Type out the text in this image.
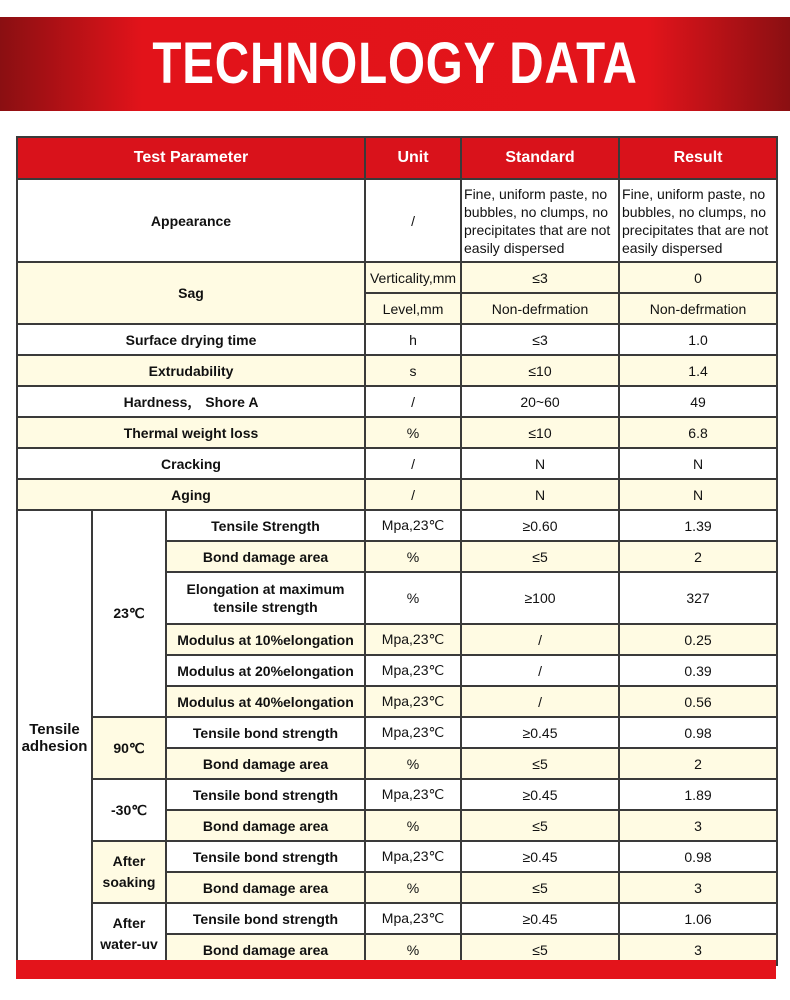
TECHNOLOGY DATA
Test Parameter			Unit	Standard	Result
Appearance			/	Fine, uniform paste, no bubbles, no clumps, no precipitates that are not easily dispersed	Fine, uniform paste, no bubbles, no clumps, no precipitates that are not easily dispersed
Sag			Verticality,mm	≤3	0
			Level,mm	Non-defrmation	Non-defrmation
Surface drying time			h	≤3	1.0
Extrudability			s	≤10	1.4
Hardness， Shore A			/	20~60	49
Thermal weight loss			%	≤10	6.8
Cracking			/	N	N
Aging			/	N	N
Tensile adhesion	23℃	Tensile Strength	Mpa,23℃	≥0.60	1.39
		Bond damage area	%	≤5	2
		Elongation at maximum tensile strength	%	≥100	327
		Modulus at 10%elongation	Mpa,23℃	/	0.25
		Modulus at 20%elongation	Mpa,23℃	/	0.39
		Modulus at 40%elongation	Mpa,23℃	/	0.56
	90℃	Tensile bond strength	Mpa,23℃	≥0.45	0.98
		Bond damage area	%	≤5	2
	-30℃	Tensile bond strength	Mpa,23℃	≥0.45	1.89
		Bond damage area	%	≤5	3
	After soaking	Tensile bond strength	Mpa,23℃	≥0.45	0.98
		Bond damage area	%	≤5	3
	After water-uv	Tensile bond strength	Mpa,23℃	≥0.45	1.06
		Bond damage area	%	≤5	3
